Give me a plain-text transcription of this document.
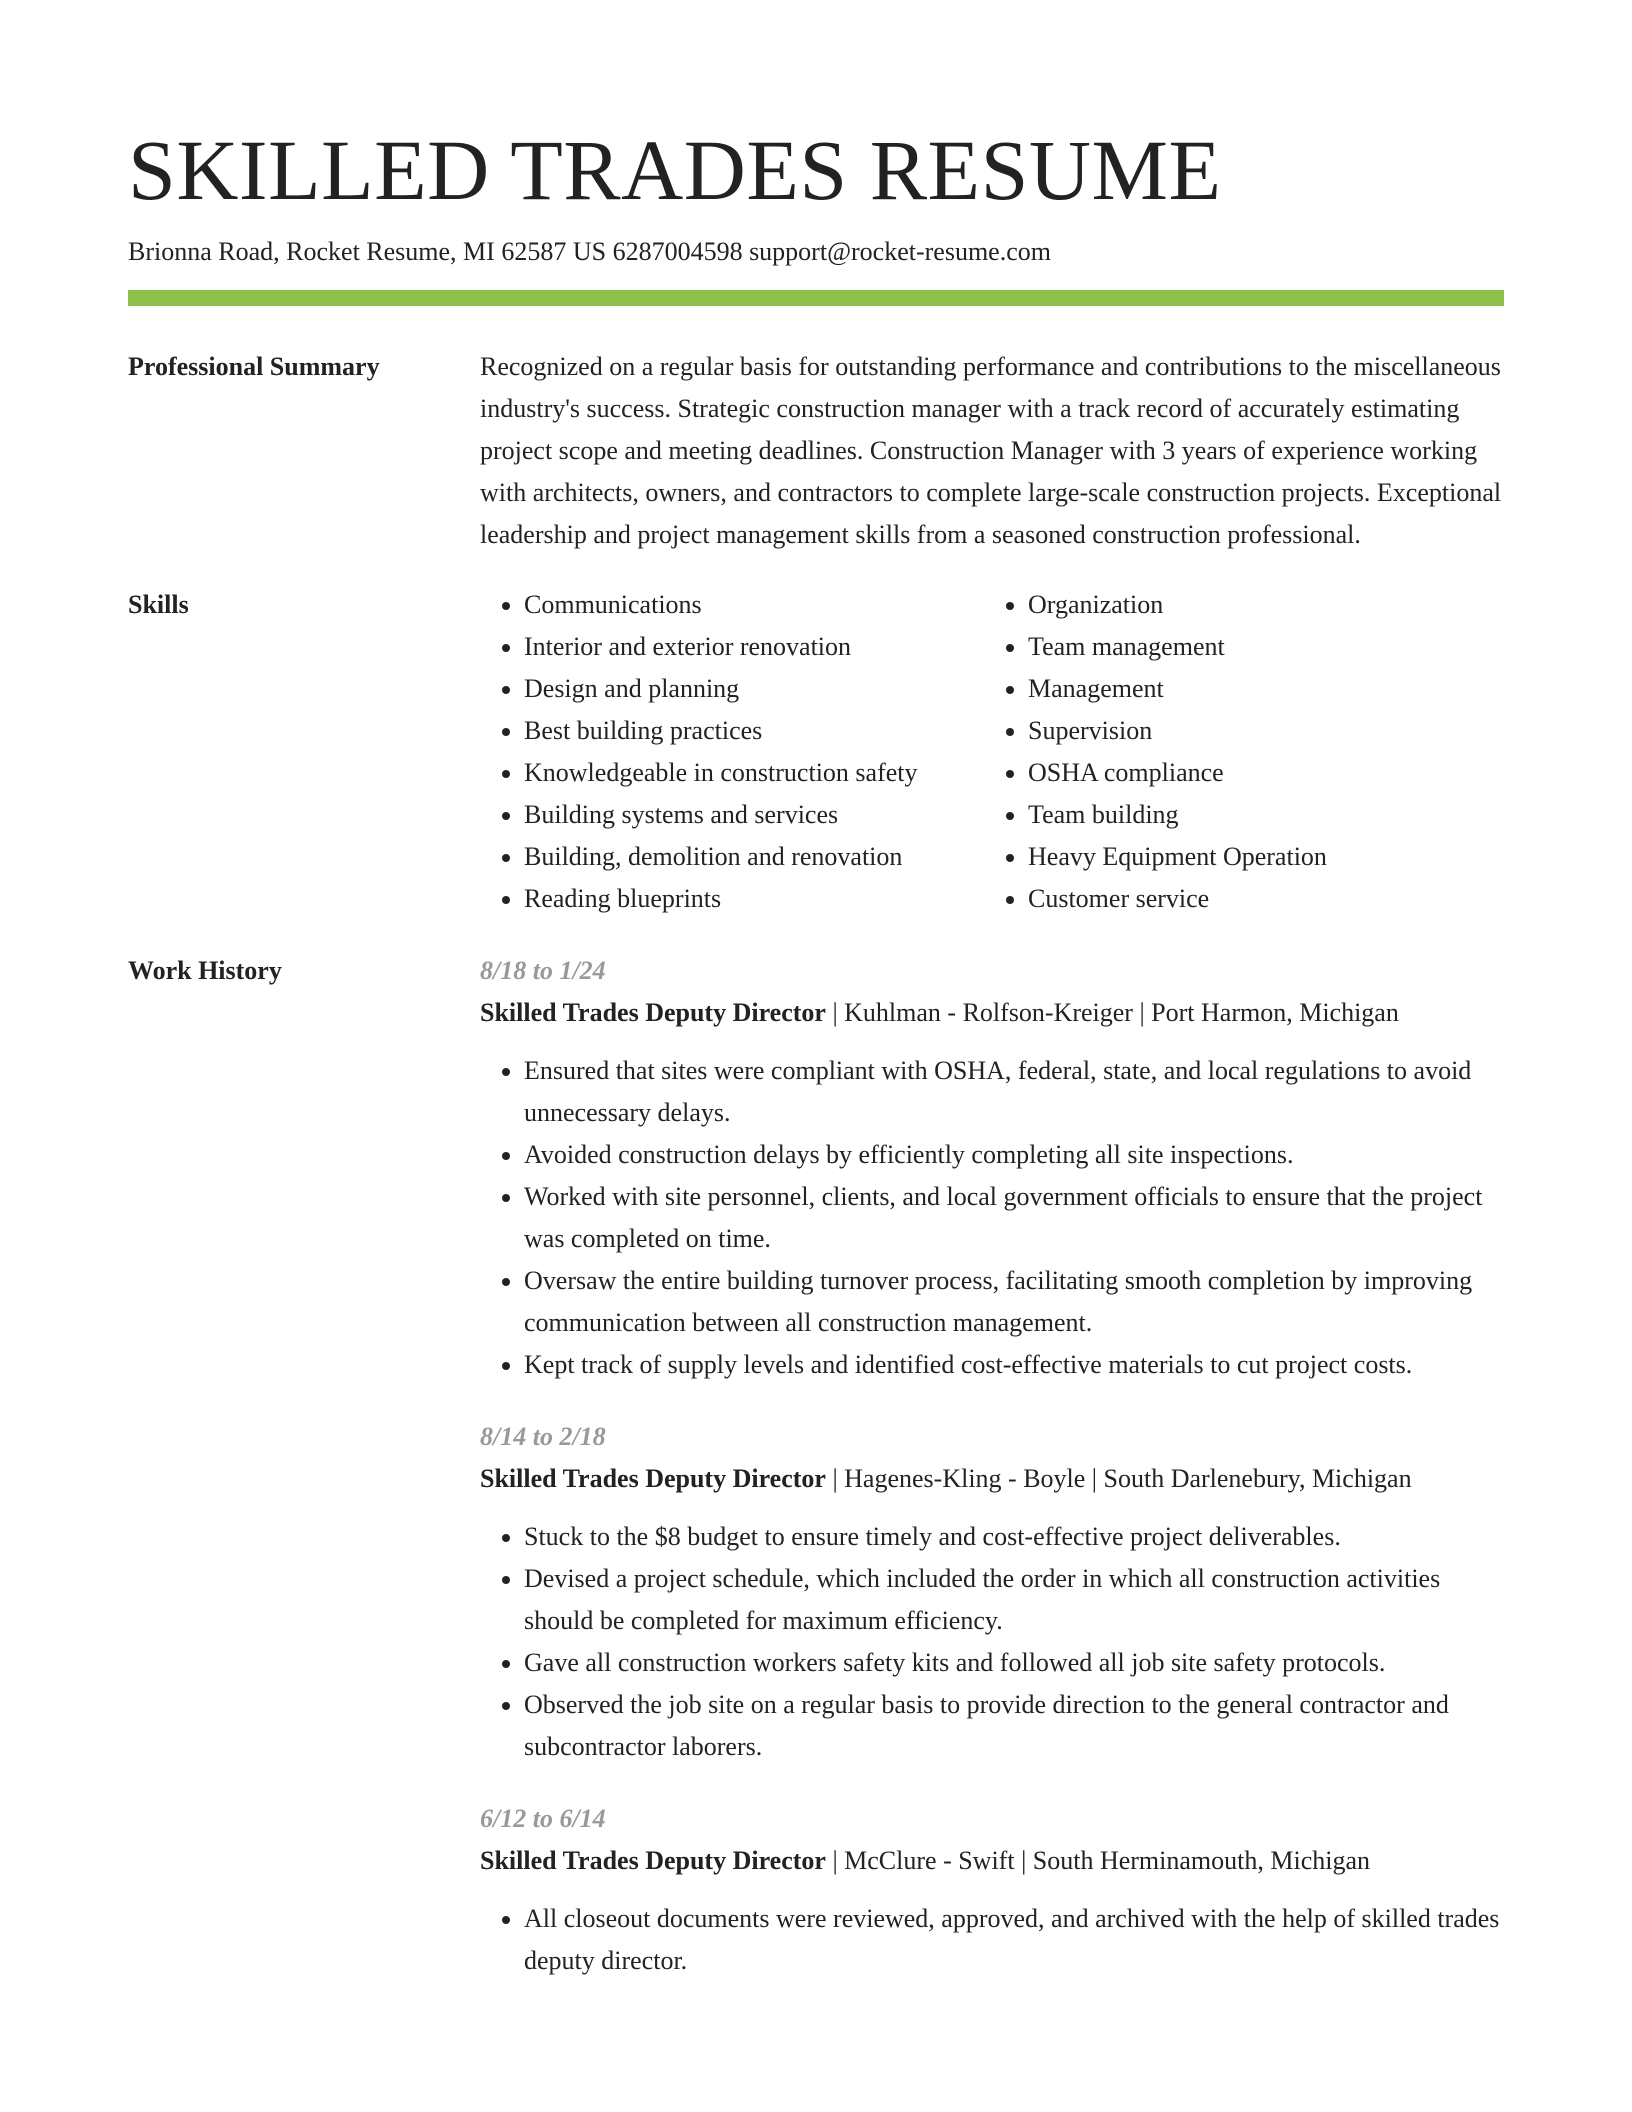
SKILLED TRADES RESUME
Brionna Road, Rocket Resume, MI 62587 US 6287004598 support@rocket-resume.com
Professional Summary	Recognized on a regular basis for outstanding performance and contributions to the miscellaneous industry's success. Strategic construction manager with a track record of accurately estimating project scope and meeting deadlines. Construction Manager with 3 years of experience working with architects, owners, and contractors to complete large-scale construction projects. Exceptional leadership and project management skills from a seasoned construction professional.

Skills
•	Communications
• Interior and exterior renovation
• Design and planning
• Best building practices
• Knowledgeable in construction safety
• Building systems and services
• Building, demolition and renovation
• Reading blueprints
• Organization
• Team management
• Management
• Supervision
• OSHA compliance
• Team building
• Heavy Equipment Operation
• Customer service
Work History	8/18 to 1/24
Skilled Trades Deputy Director | Kuhlman - Rolfson-Kreiger | Port Harmon, Michigan
• Ensured that sites were compliant with OSHA, federal, state, and local regulations to avoid unnecessary delays.
• Avoided construction delays by efficiently completing all site inspections.
• Worked with site personnel, clients, and local government officials to ensure that the project was completed on time.
• Oversaw the entire building turnover process, facilitating smooth completion by improving communication between all construction management.
• Kept track of supply levels and identified cost-effective materials to cut project costs.
8/14 to 2/18
Skilled Trades Deputy Director | Hagenes-Kling - Boyle | South Darlenebury, Michigan
• Stuck to the $8 budget to ensure timely and cost-effective project deliverables.
• Devised a project schedule, which included the order in which all construction activities should be completed for maximum efficiency.
• Gave all construction workers safety kits and followed all job site safety protocols.
• Observed the job site on a regular basis to provide direction to the general contractor and subcontractor laborers.
6/12 to 6/14
Skilled Trades Deputy Director | McClure - Swift | South Herminamouth, Michigan
• All closeout documents were reviewed, approved, and archived with the help of skilled trades deputy director.
